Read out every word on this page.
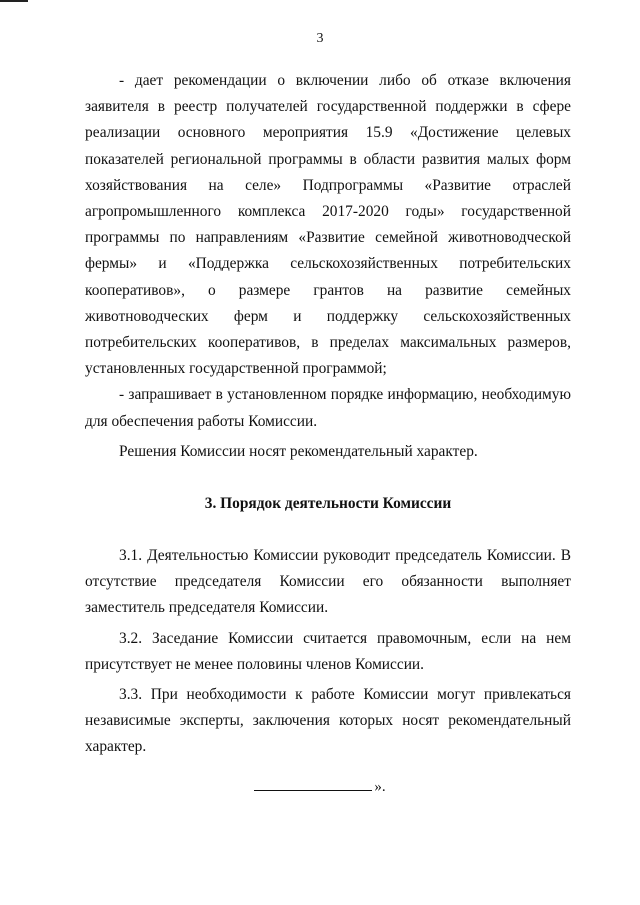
3

- дает рекомендации о включении либо об отказе включения заявителя в реестр получателей государственной поддержки в сфере реализации основного мероприятия 15.9 «Достижение целевых показателей региональной программы в области развития малых форм хозяйствования на селе» Подпрограммы «Развитие отраслей агропромышленного комплекса 2017-2020 годы» государственной программы по направлениям «Развитие семейной животноводческой фермы» и «Поддержка сельскохозяйственных потребительских кооперативов», о размере грантов на развитие семейных животноводческих ферм и поддержку сельскохозяйственных потребительских кооперативов, в пределах максимальных размеров, установленных государственной программой;

- запрашивает в установленном порядке информацию, необходимую для обеспечения работы Комиссии.

Решения Комиссии носят рекомендательный характер.

3. Порядок деятельности Комиссии

3.1. Деятельностью Комиссии руководит председатель Комиссии. В отсутствие председателя Комиссии его обязанности выполняет заместитель председателя Комиссии.

3.2. Заседание Комиссии считается правомочным, если на нем присутствует не менее половины членов Комиссии.

3.3. При необходимости к работе Комиссии могут привлекаться независимые эксперты, заключения которых носят рекомендательный характер.

».
